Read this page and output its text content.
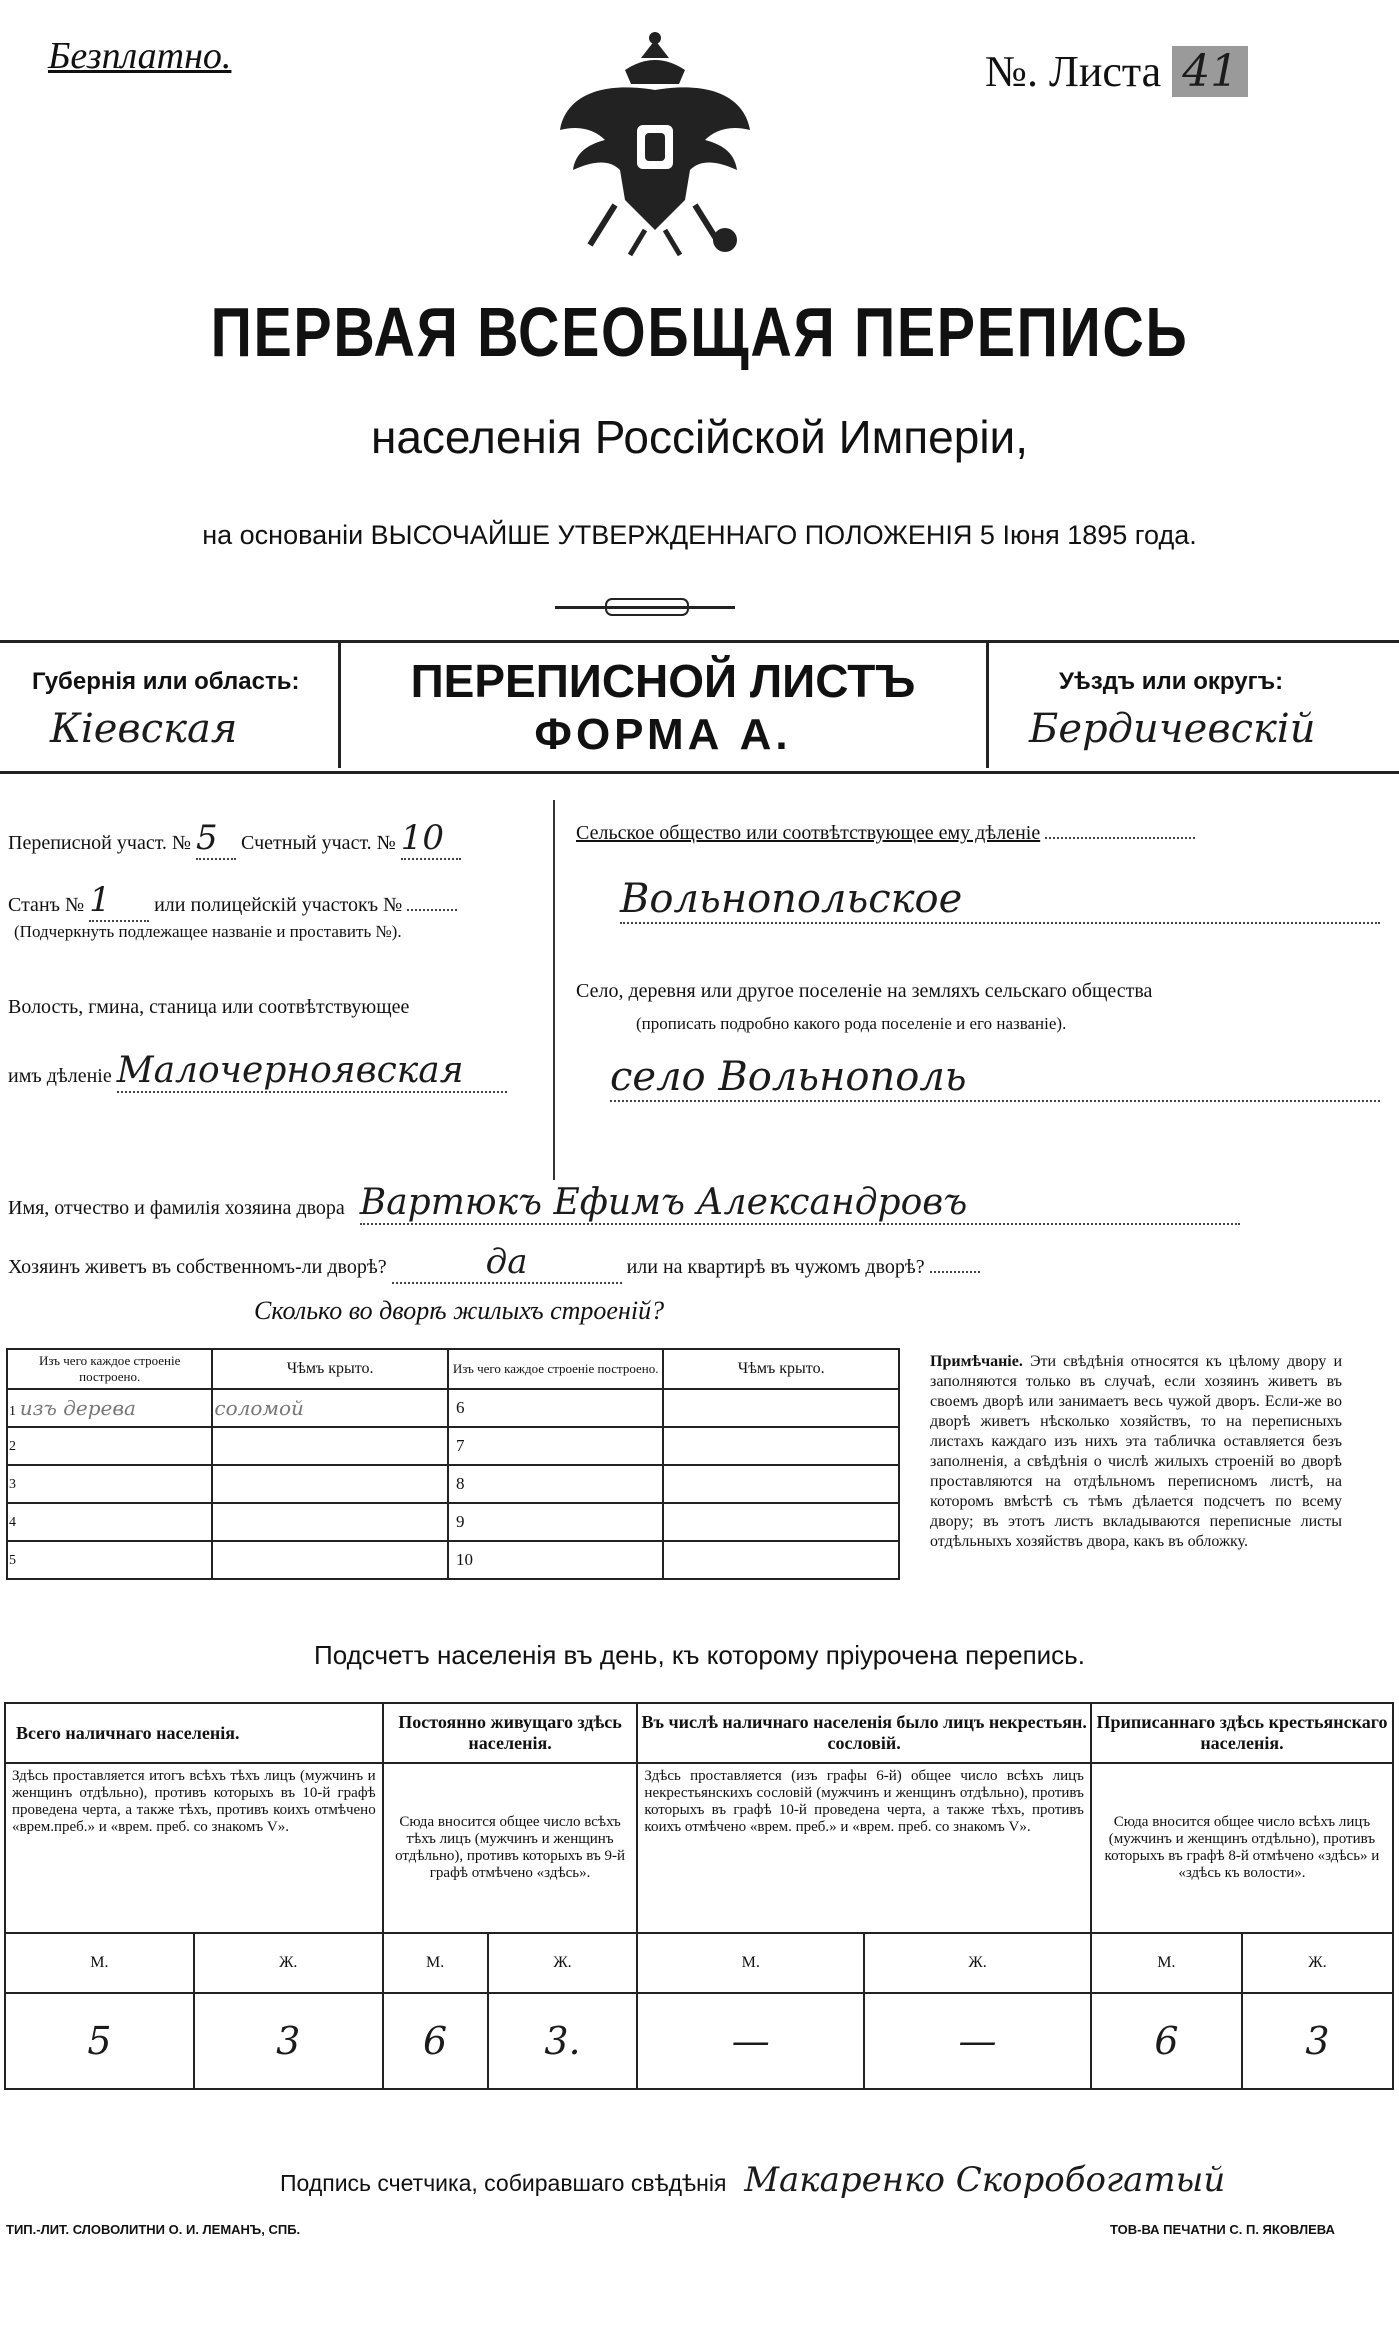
Безплатно.	№. Листа 41
ПЕРВАЯ ВСЕОБЩАЯ ПЕРЕПИСЬ
населенія Россійской Имперіи,
на основаніи ВЫСОЧАЙШЕ УТВЕРЖДЕННАГО ПОЛОЖЕНІЯ 5 Іюня 1895 года.
Губернія или область:
Кіевская
ПЕРЕПИСНОЙ ЛИСТЪ
ФОРМА А.
Уѣздъ или округъ:
Бердичевскій
Переписной участ. № 5 Счетный участ. № 10
Станъ № 1 или полицейскій участокъ №
(Подчеркнуть подлежащее названіе и проставить №).
Волость, гмина, станица или соотвѣтствующее
имъ дѣленіе Малочерноявская
Сельское общество или соотвѣтствующее ему дѣленіе
Вольнопольское
Село, деревня или другое поселеніе на земляхъ сельскаго общества
(прописать подробно какого рода поселеніе и его названіе).
село Вольнополь
Имя, отчество и фамилія хозяина двора Вартюкъ Ефимъ Александровъ
Хозяинъ живетъ въ собственномъ-ли дворѣ?	да	или на квартирѣ въ чужомъ дворѣ?
Сколько во дворѣ жилыхъ строеній?
Изъ чего каждое строеніе построено.	Чѣмъ крыто.	Изъ чего каждое строеніе построено.	Чѣмъ крыто.
1 изъ дерева	соломой	6	
2		7	
3		8	
4		9	
5		10	
Примѣчаніе. Эти свѣдѣнія относятся къ цѣлому двору и заполняются только въ случаѣ, если хозяинъ живетъ въ своемъ дворѣ или занимаетъ весь чужой дворъ. Если-же во дворѣ живетъ нѣсколько хозяйствъ, то на переписныхъ листахъ каждаго изъ нихъ эта табличка оставляется безъ заполненія, а свѣдѣнія о числѣ жилыхъ строеній во дворѣ проставляются на отдѣльномъ переписномъ листѣ, на которомъ вмѣстѣ съ тѣмъ дѣлается подсчетъ по всему двору; въ этотъ листъ вкладываются переписные листы отдѣльныхъ хозяйствъ двора, какъ въ обложку.
Подсчетъ населенія въ день, къ которому пріурочена перепись.
Всего наличнаго населенія.		Постоянно живущаго здѣсь населенія.		Въ числѣ наличнаго населенія было лицъ некрестьян. сословій.		Приписаннаго здѣсь крестьянскаго населенія.	
Здѣсь проставляется итогъ всѣхъ тѣхъ лицъ (мужчинъ и женщинъ отдѣльно), противъ которыхъ въ 10-й графѣ проведена черта, а также тѣхъ, противъ коихъ отмѣчено «врем.преб.» и «врем. преб. со знакомъ V».		Сюда вносится общее число всѣхъ тѣхъ лицъ (мужчинъ и женщинъ отдѣльно), противъ которыхъ въ 9-й графѣ отмѣчено «здѣсь».		Здѣсь проставляется (изъ графы 6-й) общее число всѣхъ лицъ некрестьянскихъ сословій (мужчинъ и женщинъ отдѣльно), противъ которыхъ въ графѣ 10-й проведена черта, а также тѣхъ, противъ коихъ отмѣчено «врем. преб.» и «врем. преб. со знакомъ V».		Сюда вносится общее число всѣхъ лицъ (мужчинъ и женщинъ отдѣльно), противъ которыхъ въ графѣ 8-й отмѣчено «здѣсь» и «здѣсь къ волости».	
М.	Ж.	М.	Ж.	М.	Ж.	М.	Ж.
5	3	6	3.	—	—	6	3
Подпись счетчика, собиравшаго свѣдѣнія Макаренко Скоробогатый
ТИП.-ЛИТ. СЛОВОЛИТНИ О. И. ЛЕМАНЪ, СПБ.	ТОВ-ВА ПЕЧАТНИ С. П. ЯКОВЛЕВА
